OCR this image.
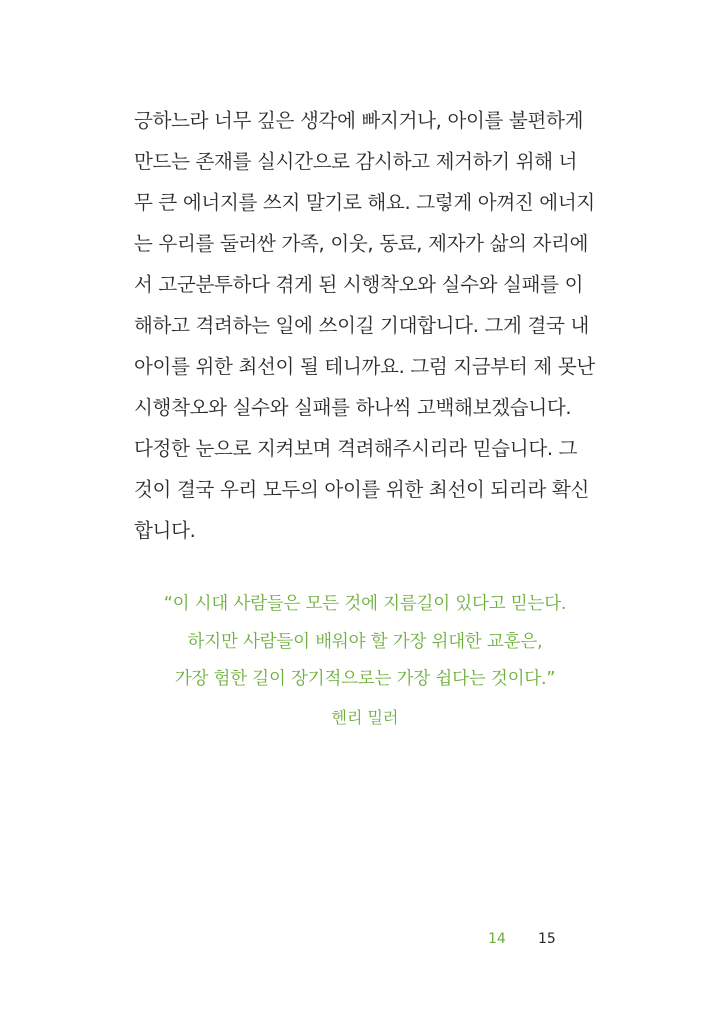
긍하느라 너무 깊은 생각에 빠지거나, 아이를 불편하게
만드는 존재를 실시간으로 감시하고 제거하기 위해 너
무 큰 에너지를 쓰지 말기로 해요. 그렇게 아껴진 에너지
는 우리를 둘러싼 가족, 이웃, 동료, 제자가 삶의 자리에
서 고군분투하다 겪게 된 시행착오와 실수와 실패를 이
해하고 격려하는 일에 쓰이길 기대합니다. 그게 결국 내
아이를 위한 최선이 될 테니까요. 그럼 지금부터 제 못난
시행착오와 실수와 실패를 하나씩 고백해보겠습니다.
다정한 눈으로 지켜보며 격려해주시리라 믿습니다. 그
것이 결국 우리 모두의 아이를 위한 최선이 되리라 확신
합니다.
“이 시대 사람들은 모든 것에 지름길이 있다고 믿는다.
하지만 사람들이 배워야 할 가장 위대한 교훈은,
가장 험한 길이 장기적으로는 가장 쉽다는 것이다.”
헨리 밀러
14 15
